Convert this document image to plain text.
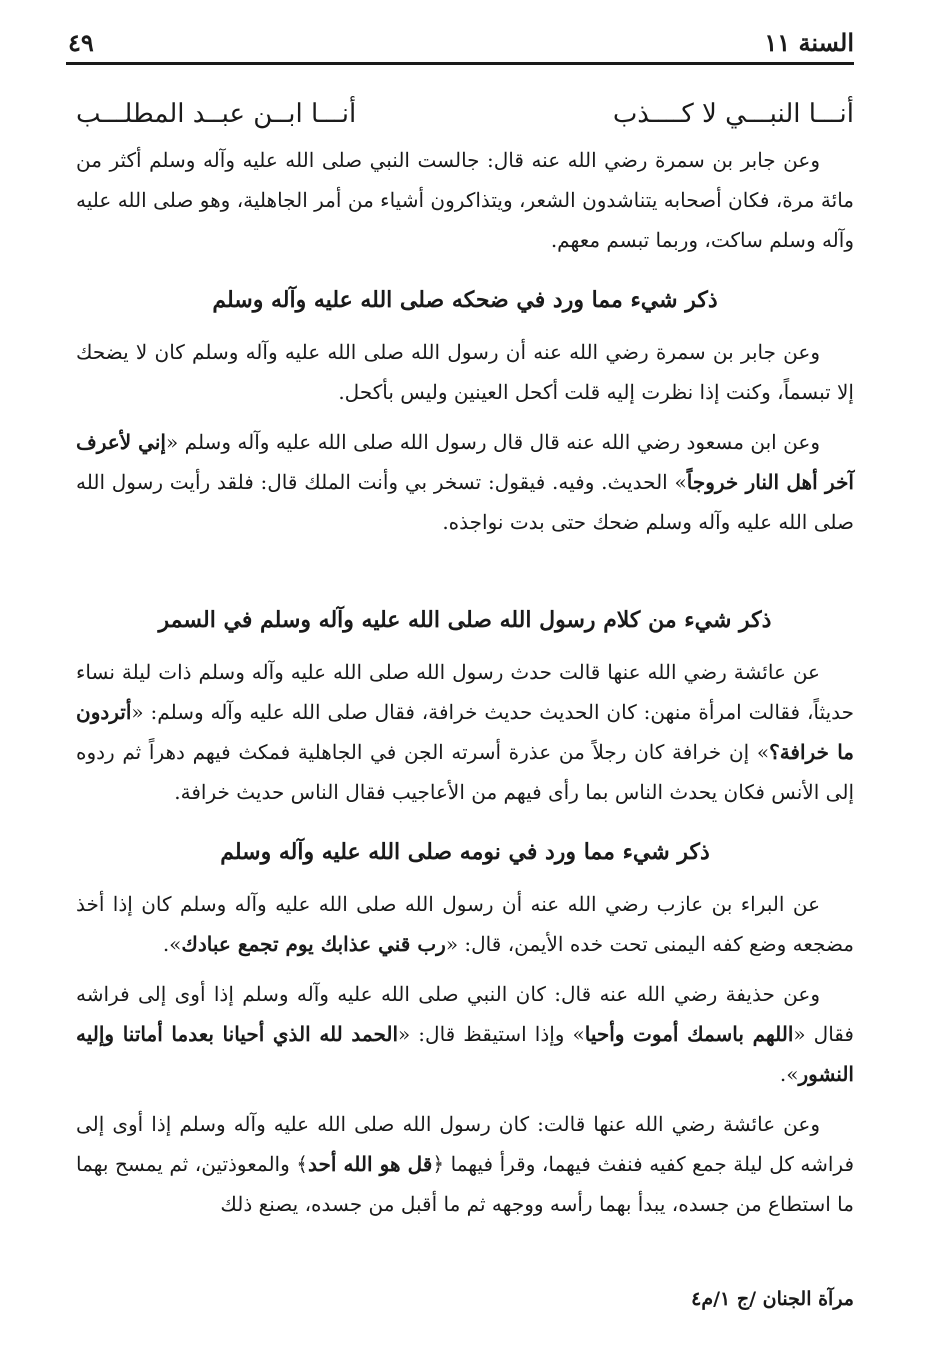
السنة ١١
٤٩
أنـــا النبـــي لا كــــذب
أنـــا ابــن عبــد المطلـــب

وعن جابر بن سمرة رضي الله عنه قال: جالست النبي صلى الله عليه وآله وسلم أكثر من مائة مرة، فكان أصحابه يتناشدون الشعر، ويتذاكرون أشياء من أمر الجاهلية، وهو صلى الله عليه وآله وسلم ساكت، وربما تبسم معهم.

ذكر شيء مما ورد في ضحكه صلى الله عليه وآله وسلم

وعن جابر بن سمرة رضي الله عنه أن رسول الله صلى الله عليه وآله وسلم كان لا يضحك إلا تبسماً، وكنت إذا نظرت إليه قلت أكحل العينين وليس بأكحل.

وعن ابن مسعود رضي الله عنه قال قال رسول الله صلى الله عليه وآله وسلم «إني لأعرف آخر أهل النار خروجاً» الحديث. وفيه. فيقول: تسخر بي وأنت الملك قال: فلقد رأيت رسول الله صلى الله عليه وآله وسلم ضحك حتى بدت نواجذه.

ذكر شيء من كلام رسول الله صلى الله عليه وآله وسلم في السمر

عن عائشة رضي الله عنها قالت حدث رسول الله صلى الله عليه وآله وسلم ذات ليلة نساء حديثاً، فقالت امرأة منهن: كان الحديث حديث خرافة، فقال صلى الله عليه وآله وسلم: «أتردون ما خرافة؟» إن خرافة كان رجلاً من عذرة أسرته الجن في الجاهلية فمكث فيهم دهراً ثم ردوه إلى الأنس فكان يحدث الناس بما رأى فيهم من الأعاجيب فقال الناس حديث خرافة.

ذكر شيء مما ورد في نومه صلى الله عليه وآله وسلم

عن البراء بن عازب رضي الله عنه أن رسول الله صلى الله عليه وآله وسلم كان إذا أخذ مضجعه وضع كفه اليمنى تحت خده الأيمن، قال: «رب قني عذابك يوم تجمع عبادك».

وعن حذيفة رضي الله عنه قال: كان النبي صلى الله عليه وآله وسلم إذا أوى إلى فراشه فقال «اللهم باسمك أموت وأحيا» وإذا استيقظ قال: «الحمد لله الذي أحيانا بعدما أماتنا وإليه النشور».

وعن عائشة رضي الله عنها قالت: كان رسول الله صلى الله عليه وآله وسلم إذا أوى إلى فراشه كل ليلة جمع كفيه فنفث فيهما، وقرأ فيهما ﴿قل هو الله أحد﴾ والمعوذتين، ثم يمسح بهما ما استطاع من جسده، يبدأ بهما رأسه ووجهه ثم ما أقبل من جسده، يصنع ذلك

مرآة الجنان /ج ١/م٤
